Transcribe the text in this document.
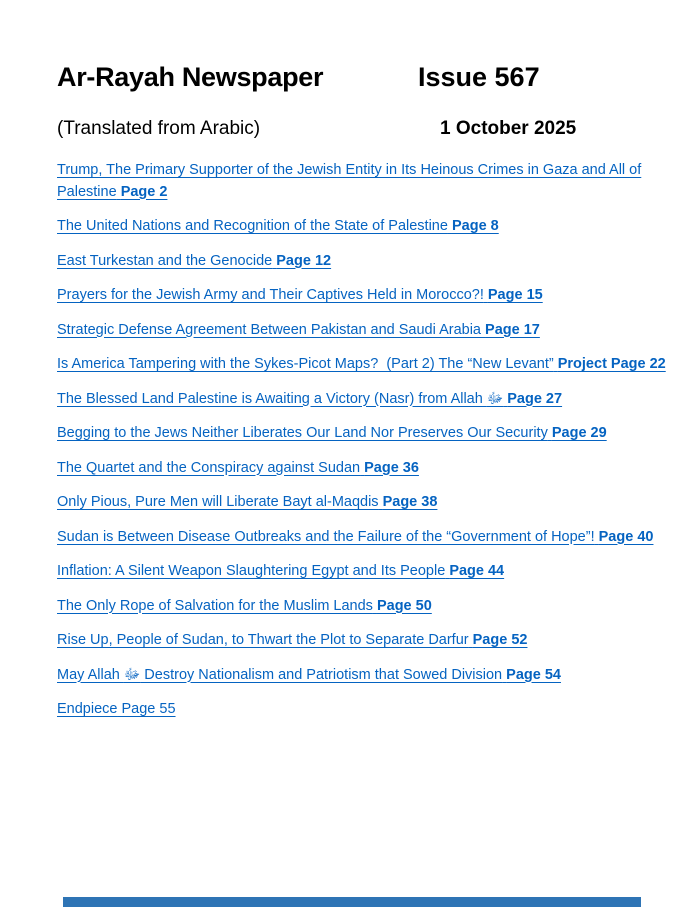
Ar-Rayah Newspaper	Issue 567
(Translated from Arabic)	1 October 2025
Trump, The Primary Supporter of the Jewish Entity in Its Heinous Crimes in Gaza and All of Palestine Page 2
The United Nations and Recognition of the State of Palestine Page 8
East Turkestan and the Genocide Page 12
Prayers for the Jewish Army and Their Captives Held in Morocco?! Page 15
Strategic Defense Agreement Between Pakistan and Saudi Arabia Page 17
Is America Tampering with the Sykes-Picot Maps?  (Part 2) The “New Levant” Project Page 22
The Blessed Land Palestine is Awaiting a Victory (Nasr) from Allah ﷻ Page 27
Begging to the Jews Neither Liberates Our Land Nor Preserves Our Security Page 29
The Quartet and the Conspiracy against Sudan Page 36
Only Pious, Pure Men will Liberate Bayt al-Maqdis Page 38
Sudan is Between Disease Outbreaks and the Failure of the “Government of Hope”! Page 40
Inflation: A Silent Weapon Slaughtering Egypt and Its People Page 44
The Only Rope of Salvation for the Muslim Lands Page 50
Rise Up, People of Sudan, to Thwart the Plot to Separate Darfur Page 52
May Allah ﷻ Destroy Nationalism and Patriotism that Sowed Division Page 54
Endpiece Page 55
